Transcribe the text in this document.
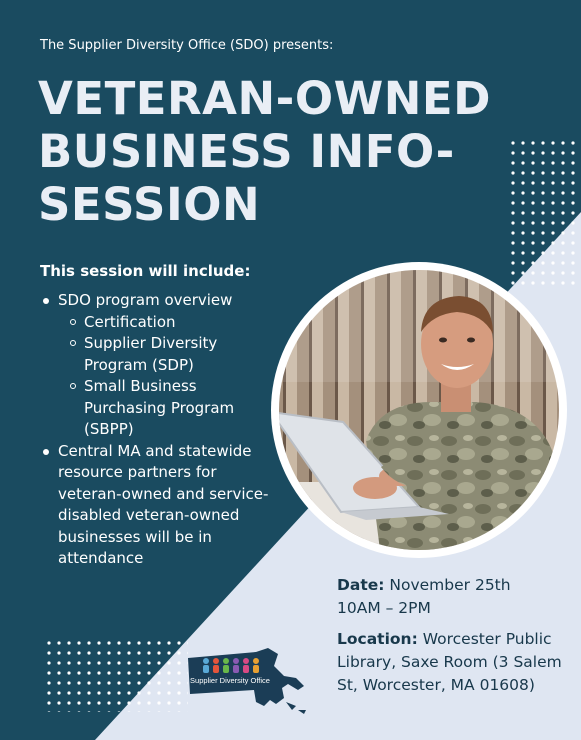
The Supplier Diversity Office (SDO) presents:
VETERAN-OWNED
BUSINESS INFO-
SESSION
This session will include:
SDO program overview
Certification
Supplier Diversity Program (SDP)
Small Business Purchasing Program (SBPP)
Central MA and statewide resource partners for veteran-owned and service-disabled veteran-owned businesses will be in attendance
Date: November 25th
10AM – 2PM
Location: Worcester Public Library, Saxe Room (3 Salem St, Worcester, MA 01608)
Supplier Diversity Office
